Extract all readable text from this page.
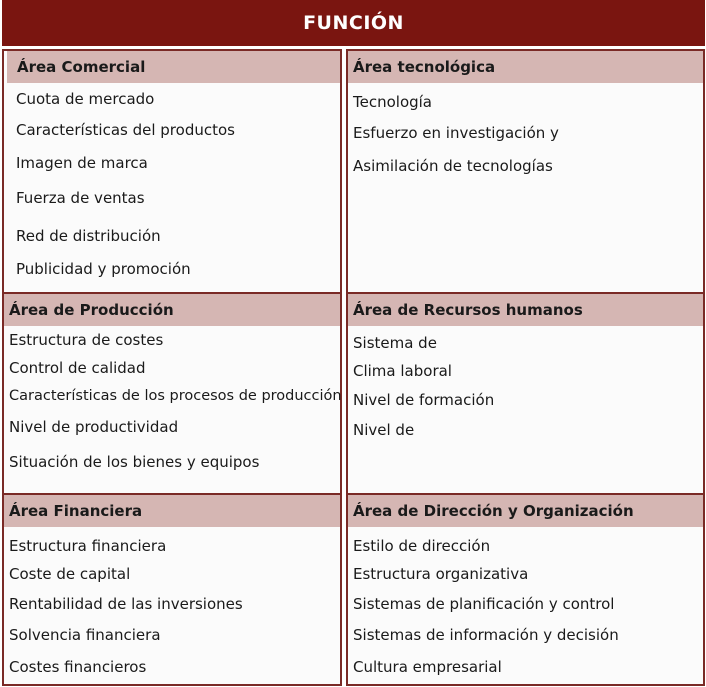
FUNCIÓN
Área Comercial
Cuota de mercado
Características del productos
Imagen de marca
Fuerza de ventas
Red de distribución
Publicidad y promoción
Área tecnológica
Tecnología
Esfuerzo en investigación y
Asimilación de tecnologías
Área de Producción
Estructura de costes
Control de calidad
Características de los procesos de producción
Nivel de productividad
Situación de los bienes y equipos
Área de Recursos humanos
Sistema de
Clima laboral
Nivel de formación
Nivel de
Área Financiera
Estructura financiera
Coste de capital
Rentabilidad de las inversiones
Solvencia financiera
Costes financieros
Área de Dirección y Organización
Estilo de dirección
Estructura organizativa
Sistemas de planificación y control
Sistemas de información y decisión
Cultura empresarial
